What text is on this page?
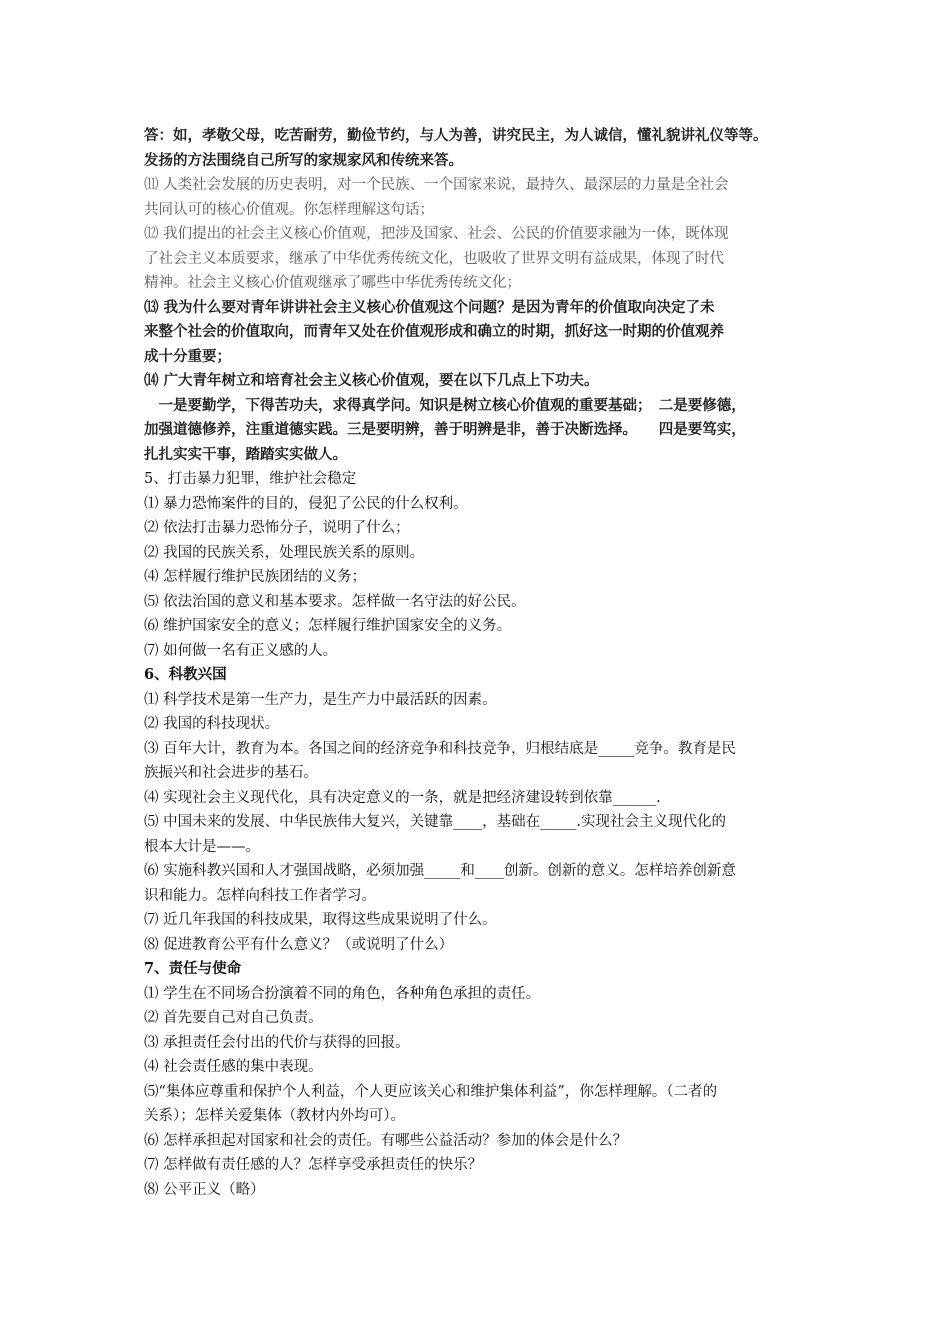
答：如，孝敬父母，吃苦耐劳，勤俭节约，与人为善，讲究民主，为人诚信，懂礼貌讲礼仪等等。
发扬的方法围绕自己所写的家规家风和传统来答。
⑾ 人类社会发展的历史表明，对一个民族、一个国家来说，最持久、最深层的力量是全社会
共同认可的核心价值观。你怎样理解这句话；
⑿ 我们提出的社会主义核心价值观，把涉及国家、社会、公民的价值要求融为一体，既体现
了社会主义本质要求，继承了中华优秀传统文化，也吸收了世界文明有益成果，体现了时代
精神。社会主义核心价值观继承了哪些中华优秀传统文化；
⒀ 我为什么要对青年讲讲社会主义核心价值观这个问题？是因为青年的价值取向决定了未
来整个社会的价值取向，而青年又处在价值观形成和确立的时期，抓好这一时期的价值观养
成十分重要；
⒁ 广大青年树立和培育社会主义核心价值观，要在以下几点上下功夫。
　一是要勤学，下得苦功夫，求得真学问。知识是树立核心价值观的重要基础；　二是要修德，
加强道德修养，注重道德实践。三是要明辨，善于明辨是非，善于决断选择。　　四是要笃实，
扎扎实实干事，踏踏实实做人。
5、打击暴力犯罪，维护社会稳定
⑴ 暴力恐怖案件的目的，侵犯了公民的什么权利。
⑵ 依法打击暴力恐怖分子，说明了什么；
⑵ 我国的民族关系，处理民族关系的原则。
⑷ 怎样履行维护民族团结的义务；
⑸ 依法治国的意义和基本要求。怎样做一名守法的好公民。
⑹ 维护国家安全的意义；怎样履行维护国家安全的义务。
⑺ 如何做一名有正义感的人。
6、科教兴国
⑴ 科学技术是第一生产力，是生产力中最活跃的因素。
⑵ 我国的科技现状。
⑶ 百年大计，教育为本。各国之间的经济竞争和科技竞争，归根结底是_____竞争。教育是民
族振兴和社会进步的基石。
⑷ 实现社会主义现代化，具有决定意义的一条，就是把经济建设转到依靠______.
⑸ 中国未来的发展、中华民族伟大复兴，关键靠____，基础在_____.实现社会主义现代化的
根本大计是——。
⑹ 实施科教兴国和人才强国战略，必须加强_____和____创新。创新的意义。怎样培养创新意
识和能力。怎样向科技工作者学习。
⑺ 近几年我国的科技成果，取得这些成果说明了什么。
⑻ 促进教育公平有什么意义？（或说明了什么）
7、责任与使命
⑴ 学生在不同场合扮演着不同的角色，各种角色承担的责任。
⑵ 首先要自己对自己负责。
⑶ 承担责任会付出的代价与获得的回报。
⑷ 社会责任感的集中表现。
⑸“集体应尊重和保护个人利益，个人更应该关心和维护集体利益”，你怎样理解。（二者的
关系）；怎样关爱集体（教材内外均可）。
⑹ 怎样承担起对国家和社会的责任。有哪些公益活动？参加的体会是什么？
⑺ 怎样做有责任感的人？怎样享受承担责任的快乐？
⑻ 公平正义（略）
